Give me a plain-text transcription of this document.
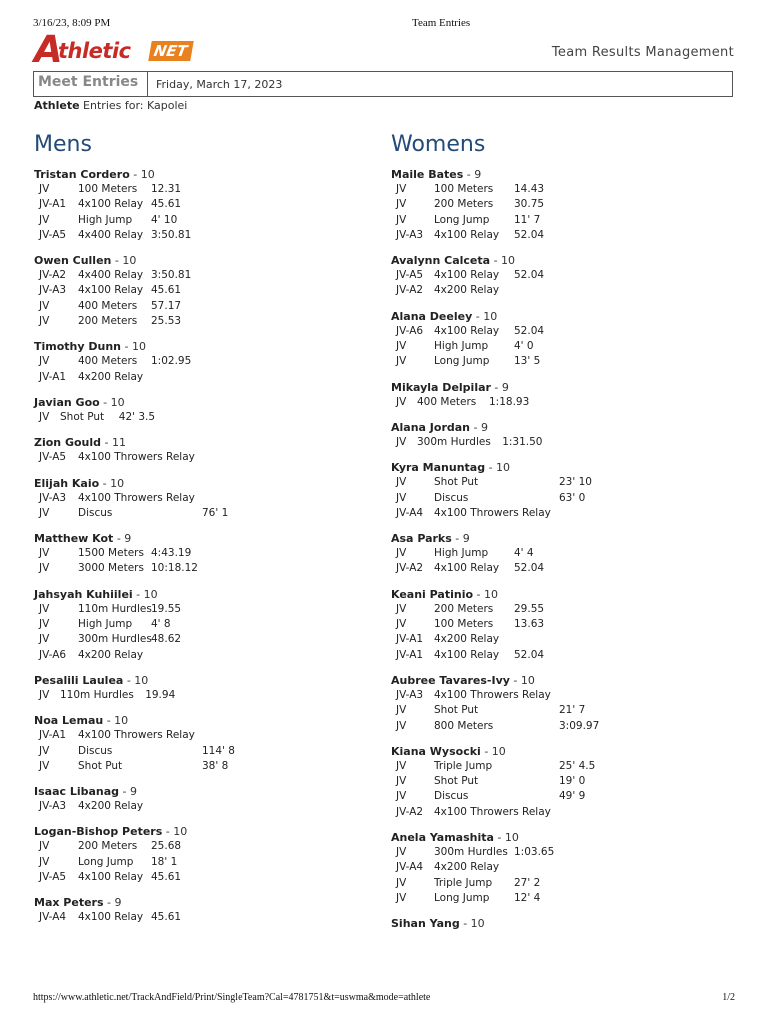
3/16/23, 8:09 PM	Team Entries
A
thletic NET	Team Results Management
Meet Entries	Friday, March 17, 2023
Athlete Entries for: Kapolei
Mens
Tristan Cordero - 10
JV	100 Meters 12.31
JV-A1 4x100 Relay 45.61
JV	High Jump 4' 10
JV-A5 4x400 Relay 3:50.81
Owen Cullen - 10
JV-A2 4x400 Relay 3:50.81
JV-A3 4x100 Relay 45.61
JV	400 Meters 57.17
JV	200 Meters 25.53
Timothy Dunn - 10
JV	400 Meters 1:02.95
JV-A1 4x200 Relay
Javian Goo - 10
JV Shot Put 42' 3.5
Zion Gould - 11
JV-A5 4x100 Throwers Relay
Elijah Kaio - 10
JV-A3 4x100 Throwers Relay
JV	Discus	76' 1
Matthew Kot - 9
JV	1500 Meters 4:43.19
JV	3000 Meters 10:18.12
Jahsyah Kuhiilei - 10
JV	110m Hurdles 19.55
JV	High Jump 4' 8
JV	300m Hurdles 48.62
JV-A6 4x200 Relay
Pesalili Laulea - 10
JV 110m Hurdles 19.94
Noa Lemau - 10
JV-A1 4x100 Throwers Relay
JV	Discus	114' 8
JV	Shot Put	38' 8
Isaac Libanag - 9
JV-A3 4x200 Relay
Logan-Bishop Peters - 10
JV	200 Meters 25.68
JV	Long Jump 18' 1
JV-A5 4x100 Relay 45.61
Max Peters - 9
JV-A4 4x100 Relay 45.61
Womens
Maile Bates - 9
JV	100 Meters 14.43
JV	200 Meters 30.75
JV	Long Jump 11' 7
JV-A3 4x100 Relay 52.04
Avalynn Calceta - 10
JV-A5 4x100 Relay 52.04
JV-A2 4x200 Relay
Alana Deeley - 10
JV-A6 4x100 Relay 52.04
JV	High Jump 4' 0
JV	Long Jump 13' 5
Mikayla Delpilar - 9
JV 400 Meters 1:18.93
Alana Jordan - 9
JV 300m Hurdles 1:31.50
Kyra Manuntag - 10
JV	Shot Put	23' 10
JV	Discus	63' 0
JV-A4 4x100 Throwers Relay
Asa Parks - 9
JV	High Jump 4' 4
JV-A2 4x100 Relay 52.04
Keani Patinio - 10
JV	200 Meters 29.55
JV	100 Meters 13.63
JV-A1 4x200 Relay
JV-A1 4x100 Relay 52.04
Aubree Tavares-Ivy - 10
JV-A3 4x100 Throwers Relay
JV	Shot Put	21' 7
JV	800 Meters	3:09.97
Kiana Wysocki - 10
JV	Triple Jump	25' 4.5
JV	Shot Put	19' 0
JV	Discus	49' 9
JV-A2 4x100 Throwers Relay
Anela Yamashita - 10
JV	300m Hurdles 1:03.65
JV-A4 4x200 Relay
JV	Triple Jump 27' 2
JV	Long Jump 12' 4
Sihan Yang - 10
https://www.athletic.net/TrackAndField/Print/SingleTeam?Cal=4781751&t=uswma&mode=athlete	1/2
